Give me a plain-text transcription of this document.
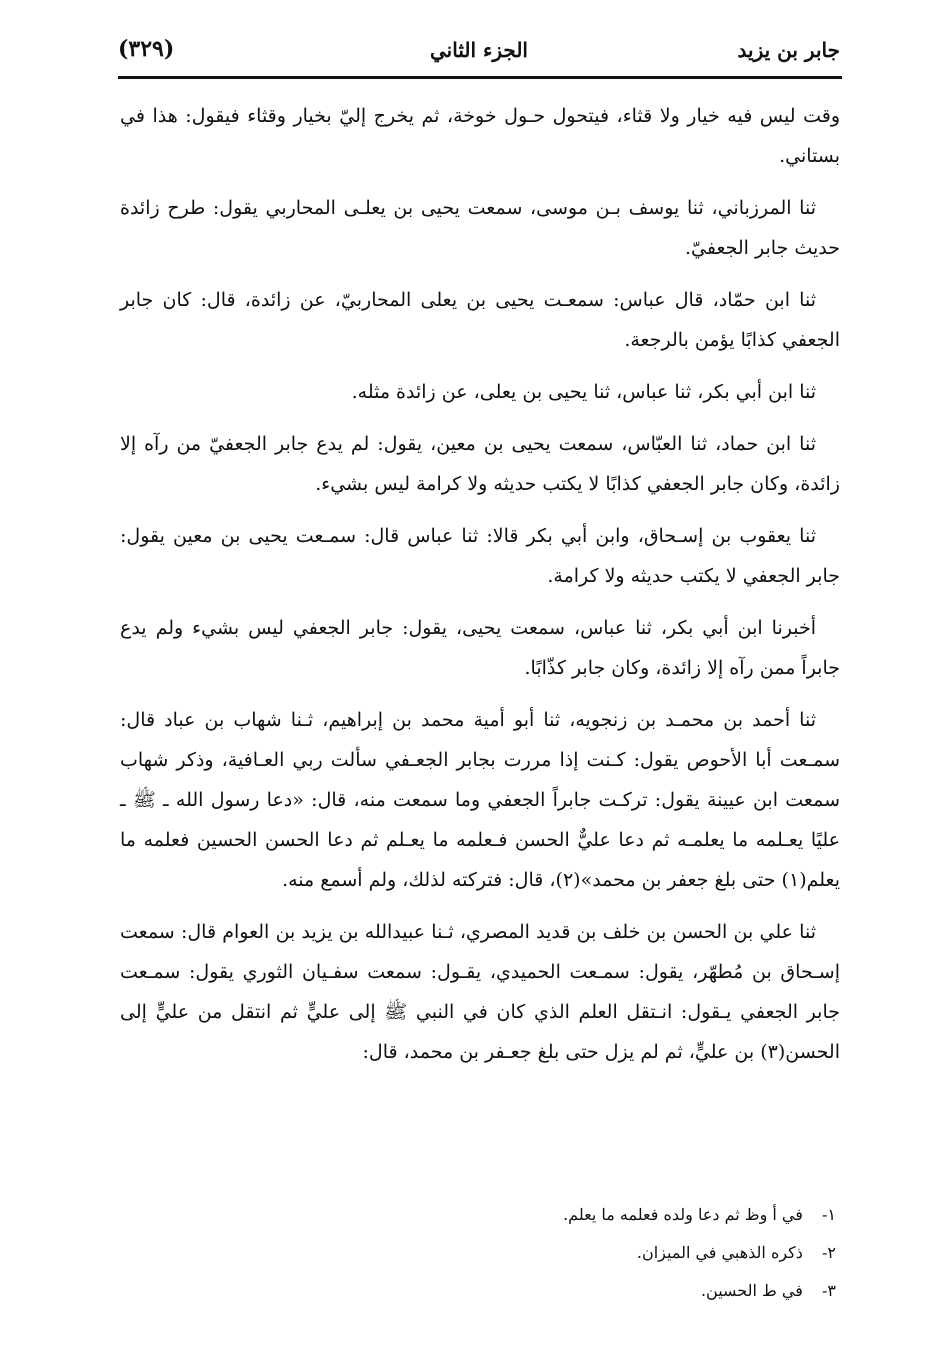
جابر بن يزيد
الجزء الثاني
(٣٢٩)

وقت ليس فيه خيار ولا قثاء، فيتحول حـول خوخة، ثم يخرج إليّ بخيار وقثاء فيقول: هذا في بستاني.

ثنا المرزباني، ثنا يوسف بـن موسى، سمعت يحيى بن يعلـى المحاربي يقول: طرح زائدة حديث جابر الجعفيّ.

ثنا ابن حمّاد، قال عباس: سمعـت يحيى بن يعلى المحاربيّ، عن زائدة، قال: كان جابر الجعفي كذابًا يؤمن بالرجعة.

ثنا ابن أبي بكر، ثنا عباس، ثنا يحيى بن يعلى، عن زائدة مثله.

ثنا ابن حماد، ثنا العبّاس، سمعت يحيى بن معين، يقول: لم يدع جابر الجعفيّ من رآه إلا زائدة، وكان جابر الجعفي كذابًا لا يكتب حديثه ولا كرامة ليس بشيء.

ثنا يعقوب بن إسـحاق، وابن أبي بكر قالا: ثنا عباس قال: سمـعت يحيى بن معين يقول: جابر الجعفي لا يكتب حديثه ولا كرامة.

أخبرنا ابن أبي بكر، ثنا عباس، سمعت يحيى، يقول: جابر الجعفي ليس بشيء ولم يدع جابراً ممن رآه إلا زائدة، وكان جابر كذّابًا.

ثنا أحمد بن محمـد بن زنجويه، ثنا أبو أمية محمد بن إبراهيم، ثـنا شهاب بن عباد قال: سمـعت أبا الأحوص يقول: كـنت إذا مررت بجابر الجعـفي سألت ربي العـافية، وذكر شهاب سمعت ابن عيينة يقول: تركـت جابراً الجعفي وما سمعت منه، قال: «دعا رسول الله ـ ﷺ ـ عليًا يعـلمه ما يعلمـه ثم دعا عليٌّ الحسن فـعلمه ما يعـلم ثم دعا الحسن الحسين فعلمه ما يعلم(١) حتى بلغ جعفر بن محمد»(٢)، قال: فتركته لذلك، ولم أسمع منه.

ثنا علي بن الحسن بن خلف بن قديد المصري، ثـنا عبيدالله بن يزيد بن العوام قال: سمعت إسـحاق بن مُطهّر، يقول: سمـعت الحميدي، يقـول: سمعت سفـيان الثوري يقول: سمـعت جابر الجعفي يـقول: انـتقل العلم الذي كان في النبي ﷺ إلى عليٍّ ثم انتقل من عليٍّ إلى الحسن(٣) بن عليٍّ، ثم لم يزل حتى بلغ جعـفر بن محمد، قال:

١- في أ وظ ثم دعا ولده فعلمه ما يعلم.
٢- ذكره الذهبي في الميزان.
٣- في ط الحسين.
